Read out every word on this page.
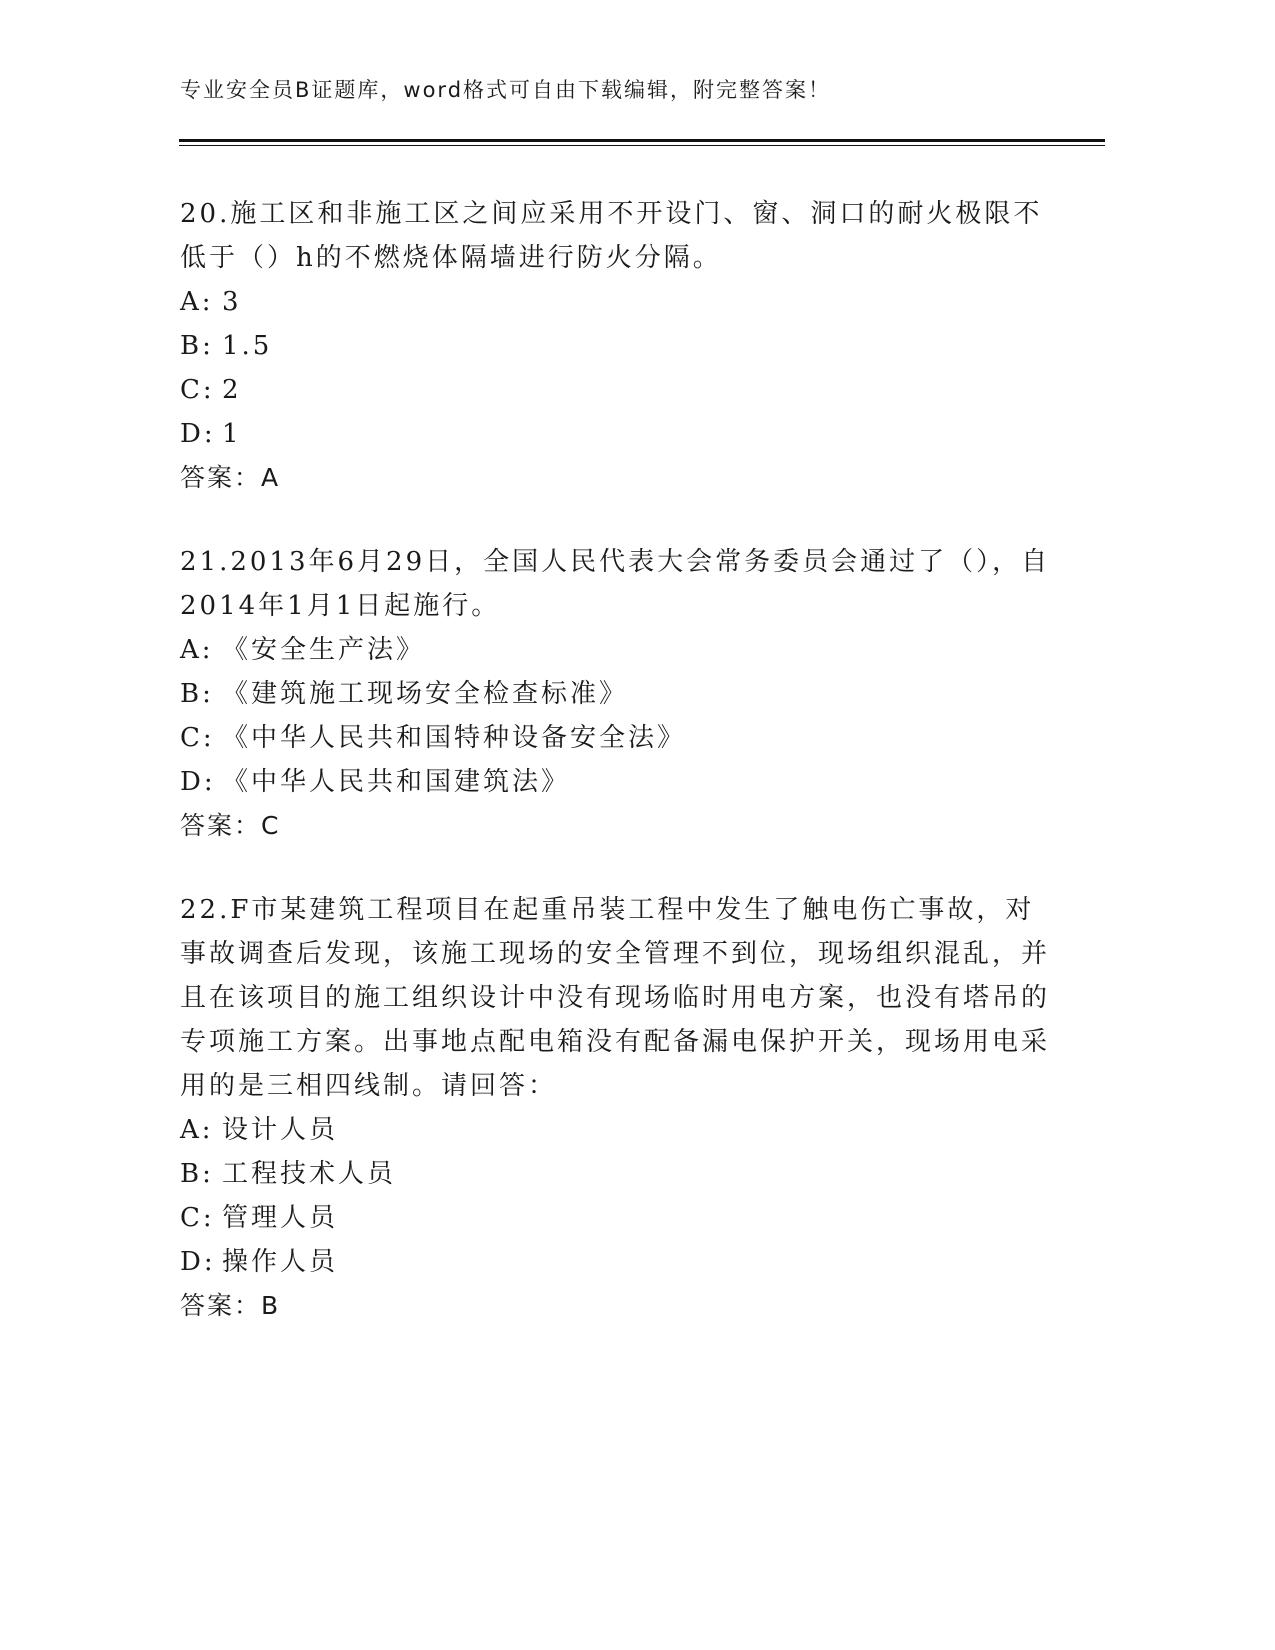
专业安全员B证题库，word格式可自由下载编辑，附完整答案！

20.施工区和非施工区之间应采用不开设门、窗、洞口的耐火极限不低于（）h的不燃烧体隔墙进行防火分隔。

A: 3

B: 1.5

C: 2

D: 1

答案：A

21.2013年6月29日，全国人民代表大会常务委员会通过了（），自2014年1月1日起施行。

A: 《安全生产法》

B: 《建筑施工现场安全检查标准》

C: 《中华人民共和国特种设备安全法》

D: 《中华人民共和国建筑法》

答案：C

22.F市某建筑工程项目在起重吊装工程中发生了触电伤亡事故，对事故调查后发现，该施工现场的安全管理不到位，现场组织混乱，并且在该项目的施工组织设计中没有现场临时用电方案，也没有塔吊的专项施工方案。出事地点配电箱没有配备漏电保护开关，现场用电采用的是三相四线制。请回答：

A: 设计人员

B: 工程技术人员

C: 管理人员

D: 操作人员

答案：B
